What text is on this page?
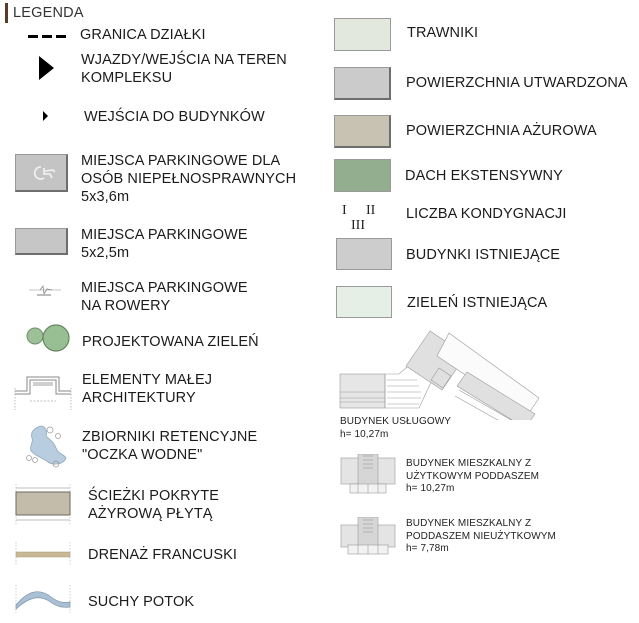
LEGENDA
GRANICA DZIAŁKI
WJAZDY/WEJŚCIA NA TEREN
KOMPLEKSU
WEJŚCIA DO BUDYNKÓW
MIEJSCA PARKINGOWE DLA
OSÓB NIEPEŁNOSPRAWNYCH
5x3,6m
MIEJSCA PARKINGOWE
5x2,5m
MIEJSCA PARKINGOWE
NA ROWERY
PROJEKTOWANA ZIELEŃ
ELEMENTY MAŁEJ
ARCHITEKTURY
ZBIORNIKI RETENCYJNE
"OCZKA WODNE"
ŚCIEŻKI POKRYTE
AŻYROWĄ PŁYTĄ
DRENAŻ FRANCUSKI
SUCHY POTOK
TRAWNIKI
POWIERZCHNIA UTWARDZONA
POWIERZCHNIA AŻUROWA
DACH EKSTENSYWNY
I II
III
LICZBA KONDYGNACJI
BUDYNKI ISTNIEJĄCE
ZIELEŃ ISTNIEJĄCA
BUDYNEK USŁUGOWY
h= 10,27m
BUDYNEK MIESZKALNY Z
UŻYTKOWYM PODDASZEM
h= 10,27m
BUDYNEK MIESZKALNY Z
PODDASZEM NIEUŻYTKOWYM
h= 7,78m
